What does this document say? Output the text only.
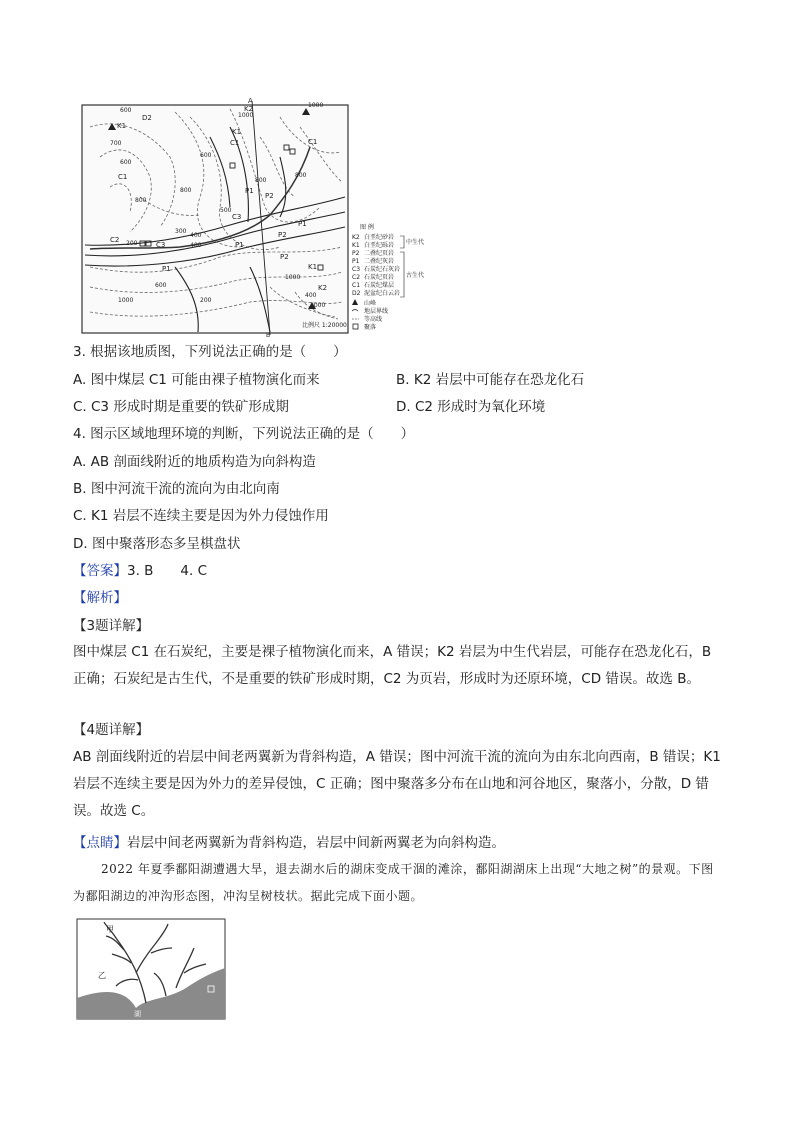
A
B
600
700
600
800
800
600
1000
800
500
400
300
200	400
600
1000
800
1000
1000
200
400
1000
K1
D2
C1
K2
K1
C1
P1
P2
C3
C2
C3
P1
C1
P1
P2
P1
P2
K1
K2
图 例
K2 白垩纪砂岩
K1 白垩纪砾岩
P2 二叠纪页岩
P1 二叠纪灰岩
C3 石炭纪石灰岩
C2 石炭纪页岩
C1 石炭纪煤层
D2 泥盆纪白云岩
中生代
古生代
山峰
地层界线
等高线
聚落
比例尺 1:20000
3. 根据该地质图，下列说法正确的是（　　）
A. 图中煤层 C1 可能由裸子植物演化而来	B. K2 岩层中可能存在恐龙化石
C. C3 形成时期是重要的铁矿形成期	D. C2 形成时为氧化环境
4. 图示区域地理环境的判断，下列说法正确的是（　　）
A. AB 剖面线附近的地质构造为向斜构造
B. 图中河流干流的流向为由北向南
C. K1 岩层不连续主要是因为外力侵蚀作用
D. 图中聚落形态多呈棋盘状
【答案】3. B　　4. C
【解析】
【3题详解】
图中煤层 C1 在石炭纪，主要是裸子植物演化而来，A 错误；K2 岩层为中生代岩层，可能存在恐龙化石，B 正确；石炭纪是古生代，不是重要的铁矿形成时期，C2 为页岩，形成时为还原环境，CD 错误。故选 B。
【4题详解】
AB 剖面线附近的岩层中间老两翼新为背斜构造，A 错误；图中河流干流的流向为由东北向西南，B 错误；K1 岩层不连续主要是因为外力的差异侵蚀，C 正确；图中聚落多分布在山地和河谷地区，聚落小，分散，D 错误。故选 C。
【点睛】岩层中间老两翼新为背斜构造，岩层中间新两翼老为向斜构造。
2022 年夏季鄱阳湖遭遇大旱，退去湖水后的湖床变成干涸的滩涂，鄱阳湖湖床上出现“大地之树”的景观。下图为鄱阳湖边的冲沟形态图，冲沟呈树枝状。据此完成下面小题。
甲
乙
湖
